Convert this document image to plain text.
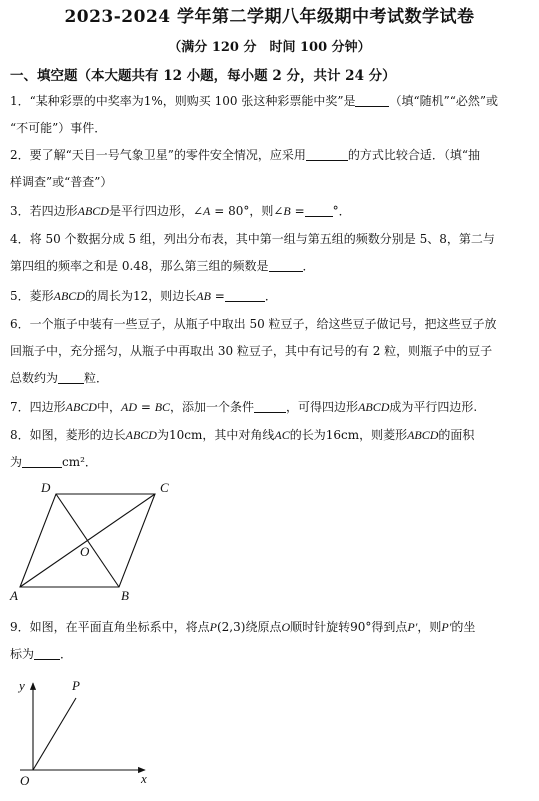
2023-2024 学年第二学期八年级期中考试数学试卷
（满分 120 分　时间 100 分钟）
一、填空题（本大题共有 12 小题，每小题 2 分，共计 24 分）
1．“某种彩票的中奖率为1%，则购买 100 张这种彩票能中奖”是	（填“随机”“必然”或
“不可能”）事件．
2．要了解“天目一号气象卫星”的零件安全情况，应采用	的方式比较合适．（填“抽
样调查”或“普查”）
3．若四边形ABCD是平行四边形，∠A = 80°，则∠B = °．
4．将 50 个数据分成 5 组，列出分布表，其中第一组与第五组的频数分别是 5、8，第二与
第四组的频率之和是 0.48，那么第三组的频数是	．
5．菱形ABCD的周长为12，则边长AB =	．
6．一个瓶子中装有一些豆子，从瓶子中取出 50 粒豆子，给这些豆子做记号，把这些豆子放
回瓶子中，充分摇匀，从瓶子中再取出 30 粒豆子，其中有记号的有 2 粒，则瓶子中的豆子
总数约为 粒．
7．四边形ABCD中，AD = BC，添加一个条件	，可得四边形ABCD成为平行四边形.
8．如图，菱形的边长ABCD为10cm，其中对角线AC的长为16cm，则菱形ABCD的面积
为	cm²．
D	C
O
A	B
9．如图，在平面直角坐标系中，将点P(2,3)绕原点O顺时针旋转90°得到点P′，则P′的坐
标为 ．
y	P
O	x
